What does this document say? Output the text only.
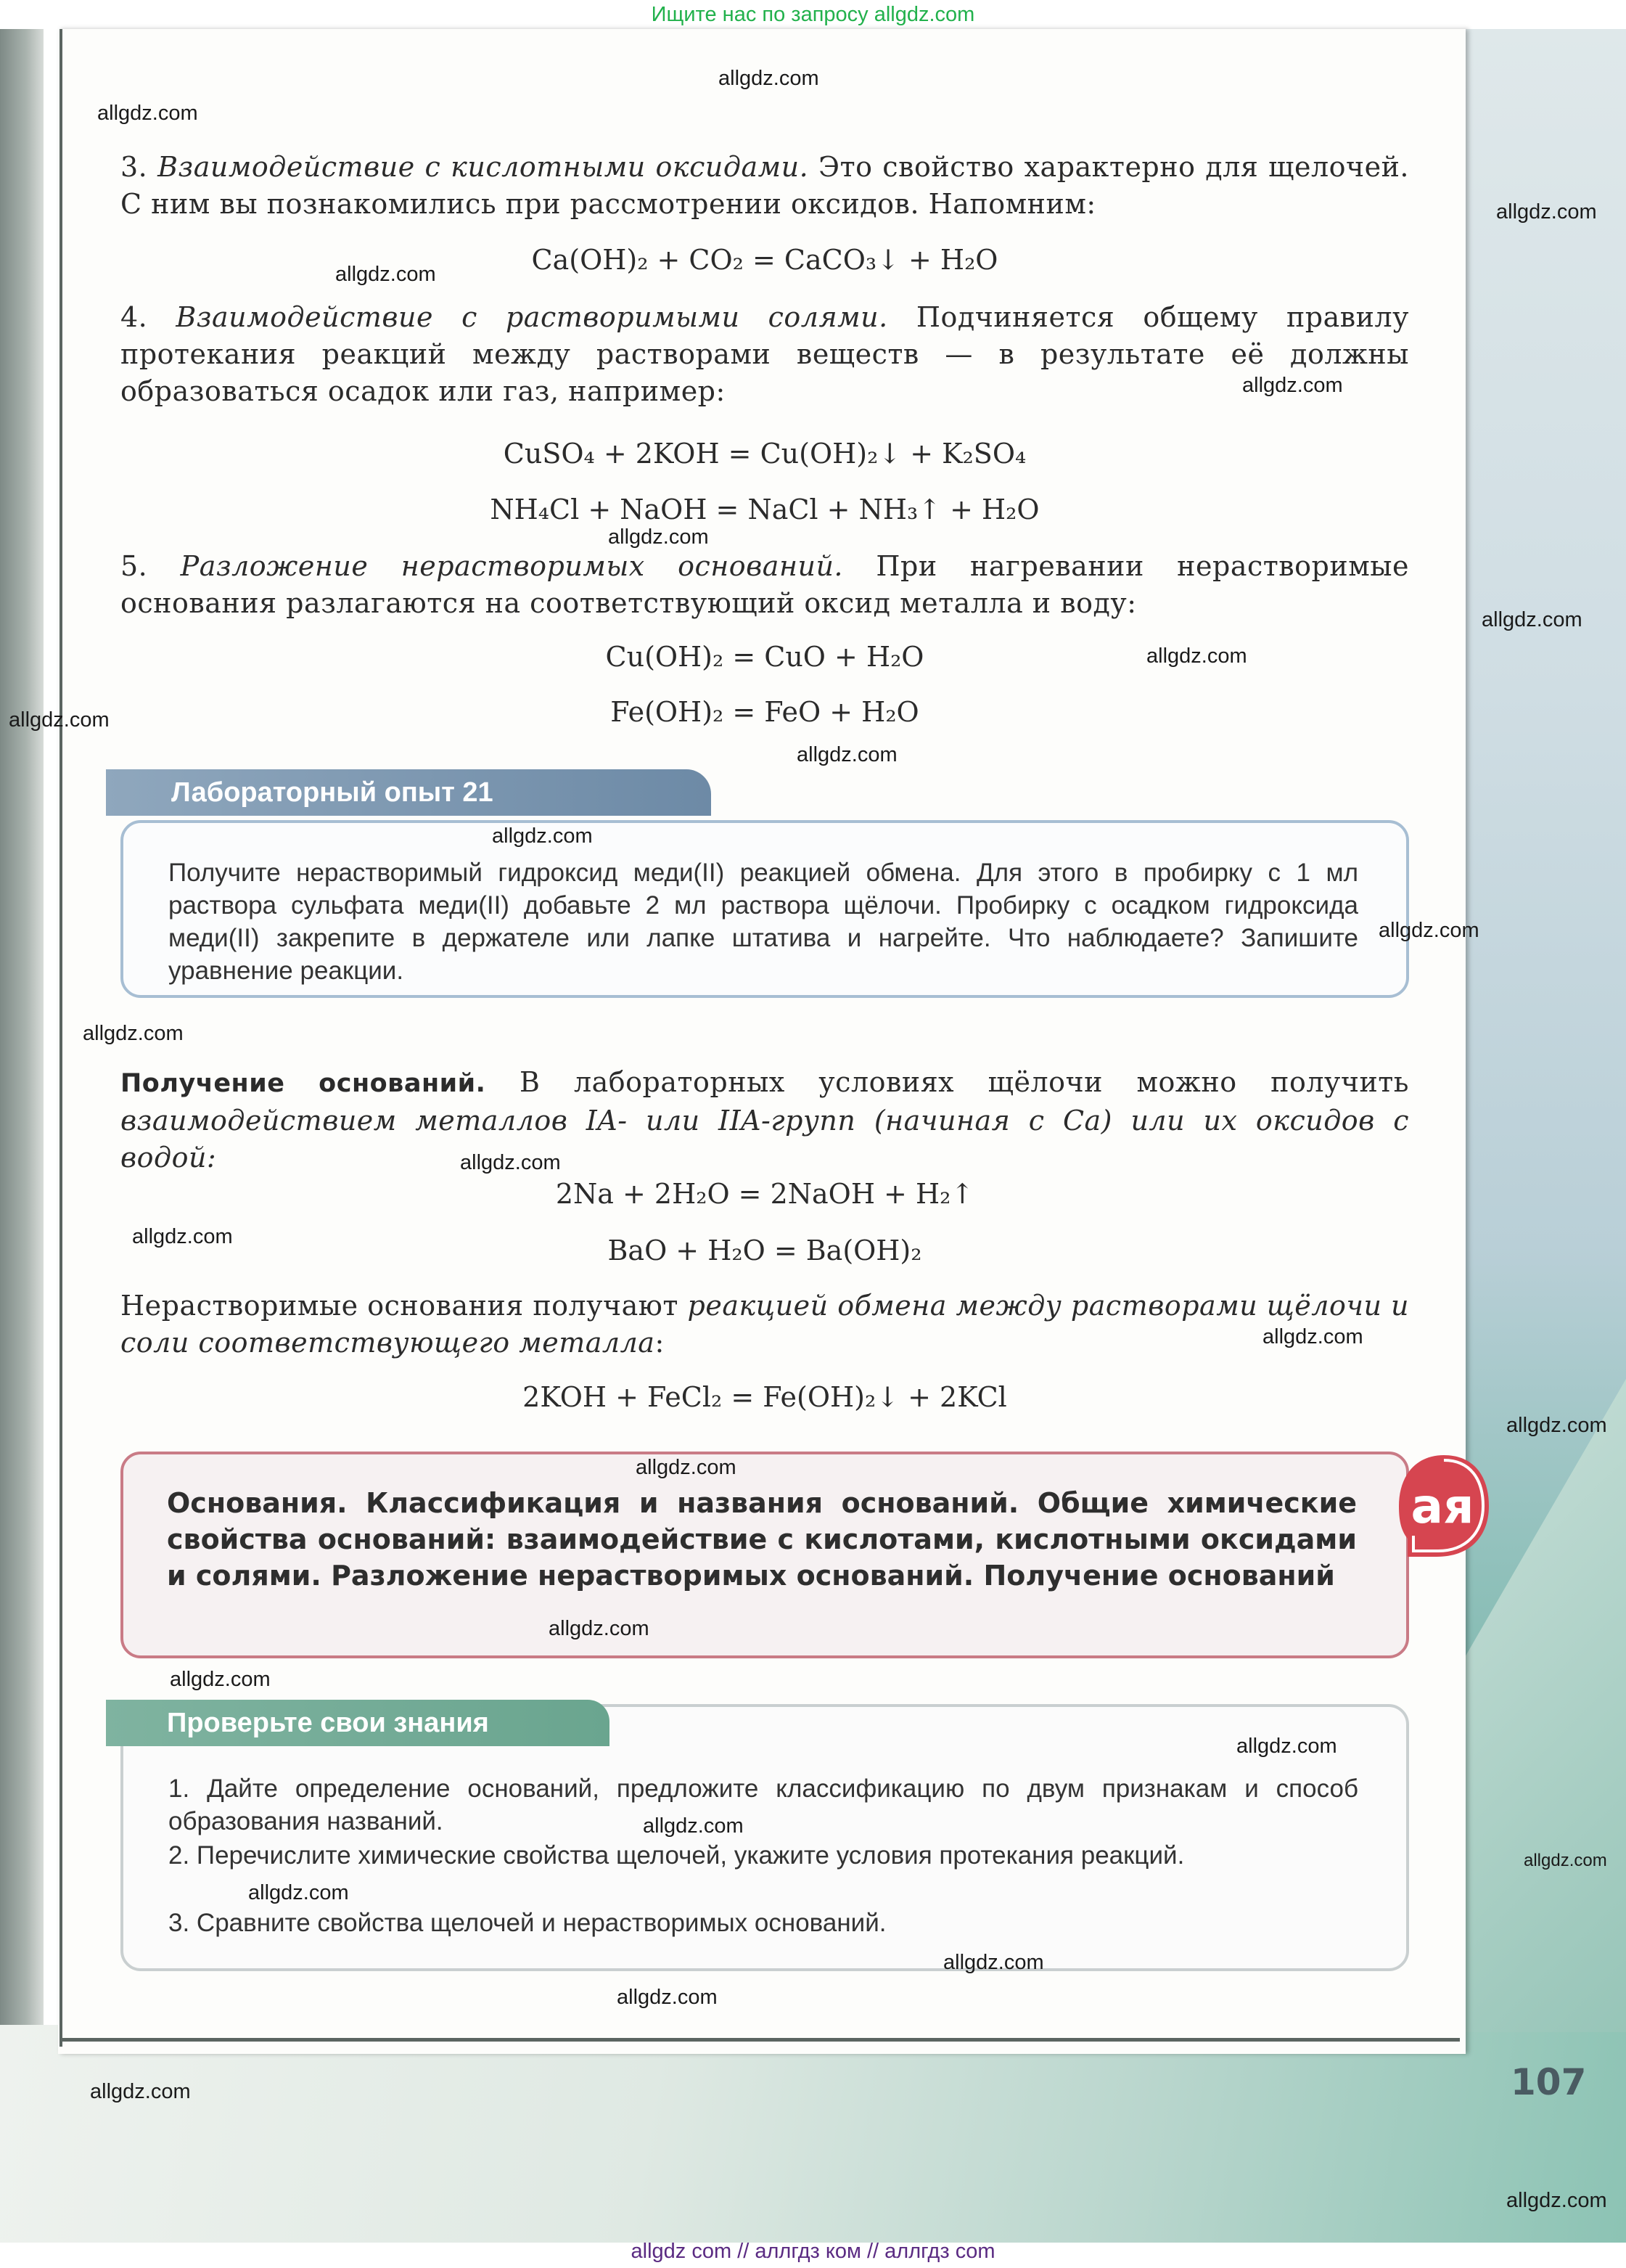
Ищите нас по запросу allgdz.com
allgdz com // аллгдз ком // аллгдз com
3. Взаимодействие с кислотными оксидами. Это свойство характерно для щелочей. С ним вы познакомились при рассмотрении оксидов. Напомним:
Ca(OH)₂ + CO₂ = CaCO₃↓ + H₂O
4. Взаимодействие с растворимыми солями. Подчиняется общему правилу протекания реакций между растворами веществ — в результате её должны образоваться осадок или газ, например:
CuSO₄ + 2KOH = Cu(OH)₂↓ + K₂SO₄
NH₄Cl + NaOH = NaCl + NH₃↑ + H₂O
5. Разложение нерастворимых оснований. При нагревании нерастворимые основания разлагаются на соответствующий оксид металла и воду:
Cu(OH)₂ = CuO + H₂O
Fe(OH)₂ = FeO + H₂O
Лабораторный опыт 21
Получите нерастворимый гидроксид меди(II) реакцией обмена. Для этого в пробирку с 1 мл раствора сульфата меди(II) добавьте 2 мл раствора щёлочи. Пробирку с осадком гидроксида меди(II) закрепите в держателе или лапке штатива и нагрейте. Что наблюдаете? Запишите уравнение реакции.
Получение оснований. В лабораторных условиях щёлочи можно получить взаимодействием металлов IA- или IIA-групп (начиная с Ca) или их оксидов с водой:
2Na + 2H₂O = 2NaOH + H₂↑
BaO + H₂O = Ba(OH)₂
Нерастворимые основания получают реакцией обмена между растворами щёлочи и соли соответствующего металла:
2KOH + FeCl₂ = Fe(OH)₂↓ + 2KCl
Основания. Классификация и названия оснований. Общие химические свойства оснований: взаимодействие с кислотами, кислотными оксидами и солями. Разложение нерастворимых оснований. Получение оснований
ая
Проверьте свои знания
1. Дайте определение оснований, предложите классификацию по двум признакам и способ образования названий.
2. Перечислите химические свойства щелочей, укажите условия протекания реакций.
3. Сравните свойства щелочей и нерастворимых оснований.
107
allgdz.com
allgdz.com
allgdz.com
allgdz.com
allgdz.com
allgdz.com
allgdz.com
allgdz.com
allgdz.com
allgdz.com
allgdz.com
allgdz.com
allgdz.com
allgdz.com
allgdz.com
allgdz.com
allgdz.com
allgdz.com
allgdz.com
allgdz.com
allgdz.com
allgdz.com
allgdz.com
allgdz.com
allgdz.com
allgdz.com
allgdz.com
allgdz.com
